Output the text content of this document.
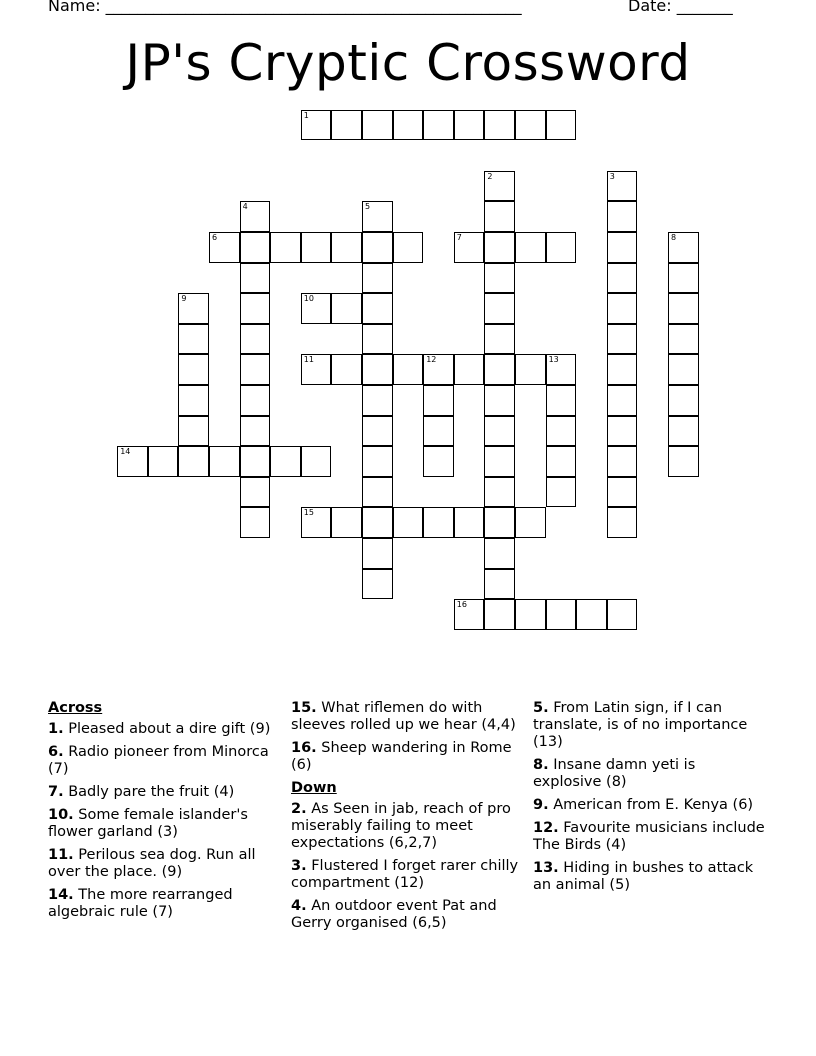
Name: ____________________________________________________	Date: _______
JP's Cryptic Crossword
1
2	3
4	5
6	7	8
9	10
11	12	13
14
15
16
Across
1. Pleased about a dire gift (9)
6. Radio pioneer from Minorca (7)
7. Badly pare the fruit (4)
10. Some female islander's flower garland (3)
11. Perilous sea dog. Run all over the place. (9)
14. The more rearranged algebraic rule (7)
15. What riflemen do with sleeves rolled up we hear (4,4)
16. Sheep wandering in Rome (6)
Down
2. As Seen in jab, reach of pro miserably failing to meet expectations (6,2,7)
3. Flustered I forget rarer chilly compartment (12)
4. An outdoor event Pat and Gerry organised (6,5)
5. From Latin sign, if I can translate, is of no importance (13)
8. Insane damn yeti is explosive (8)
9. American from E. Kenya (6)
12. Favourite musicians include The Birds (4)
13. Hiding in bushes to attack an animal (5)
